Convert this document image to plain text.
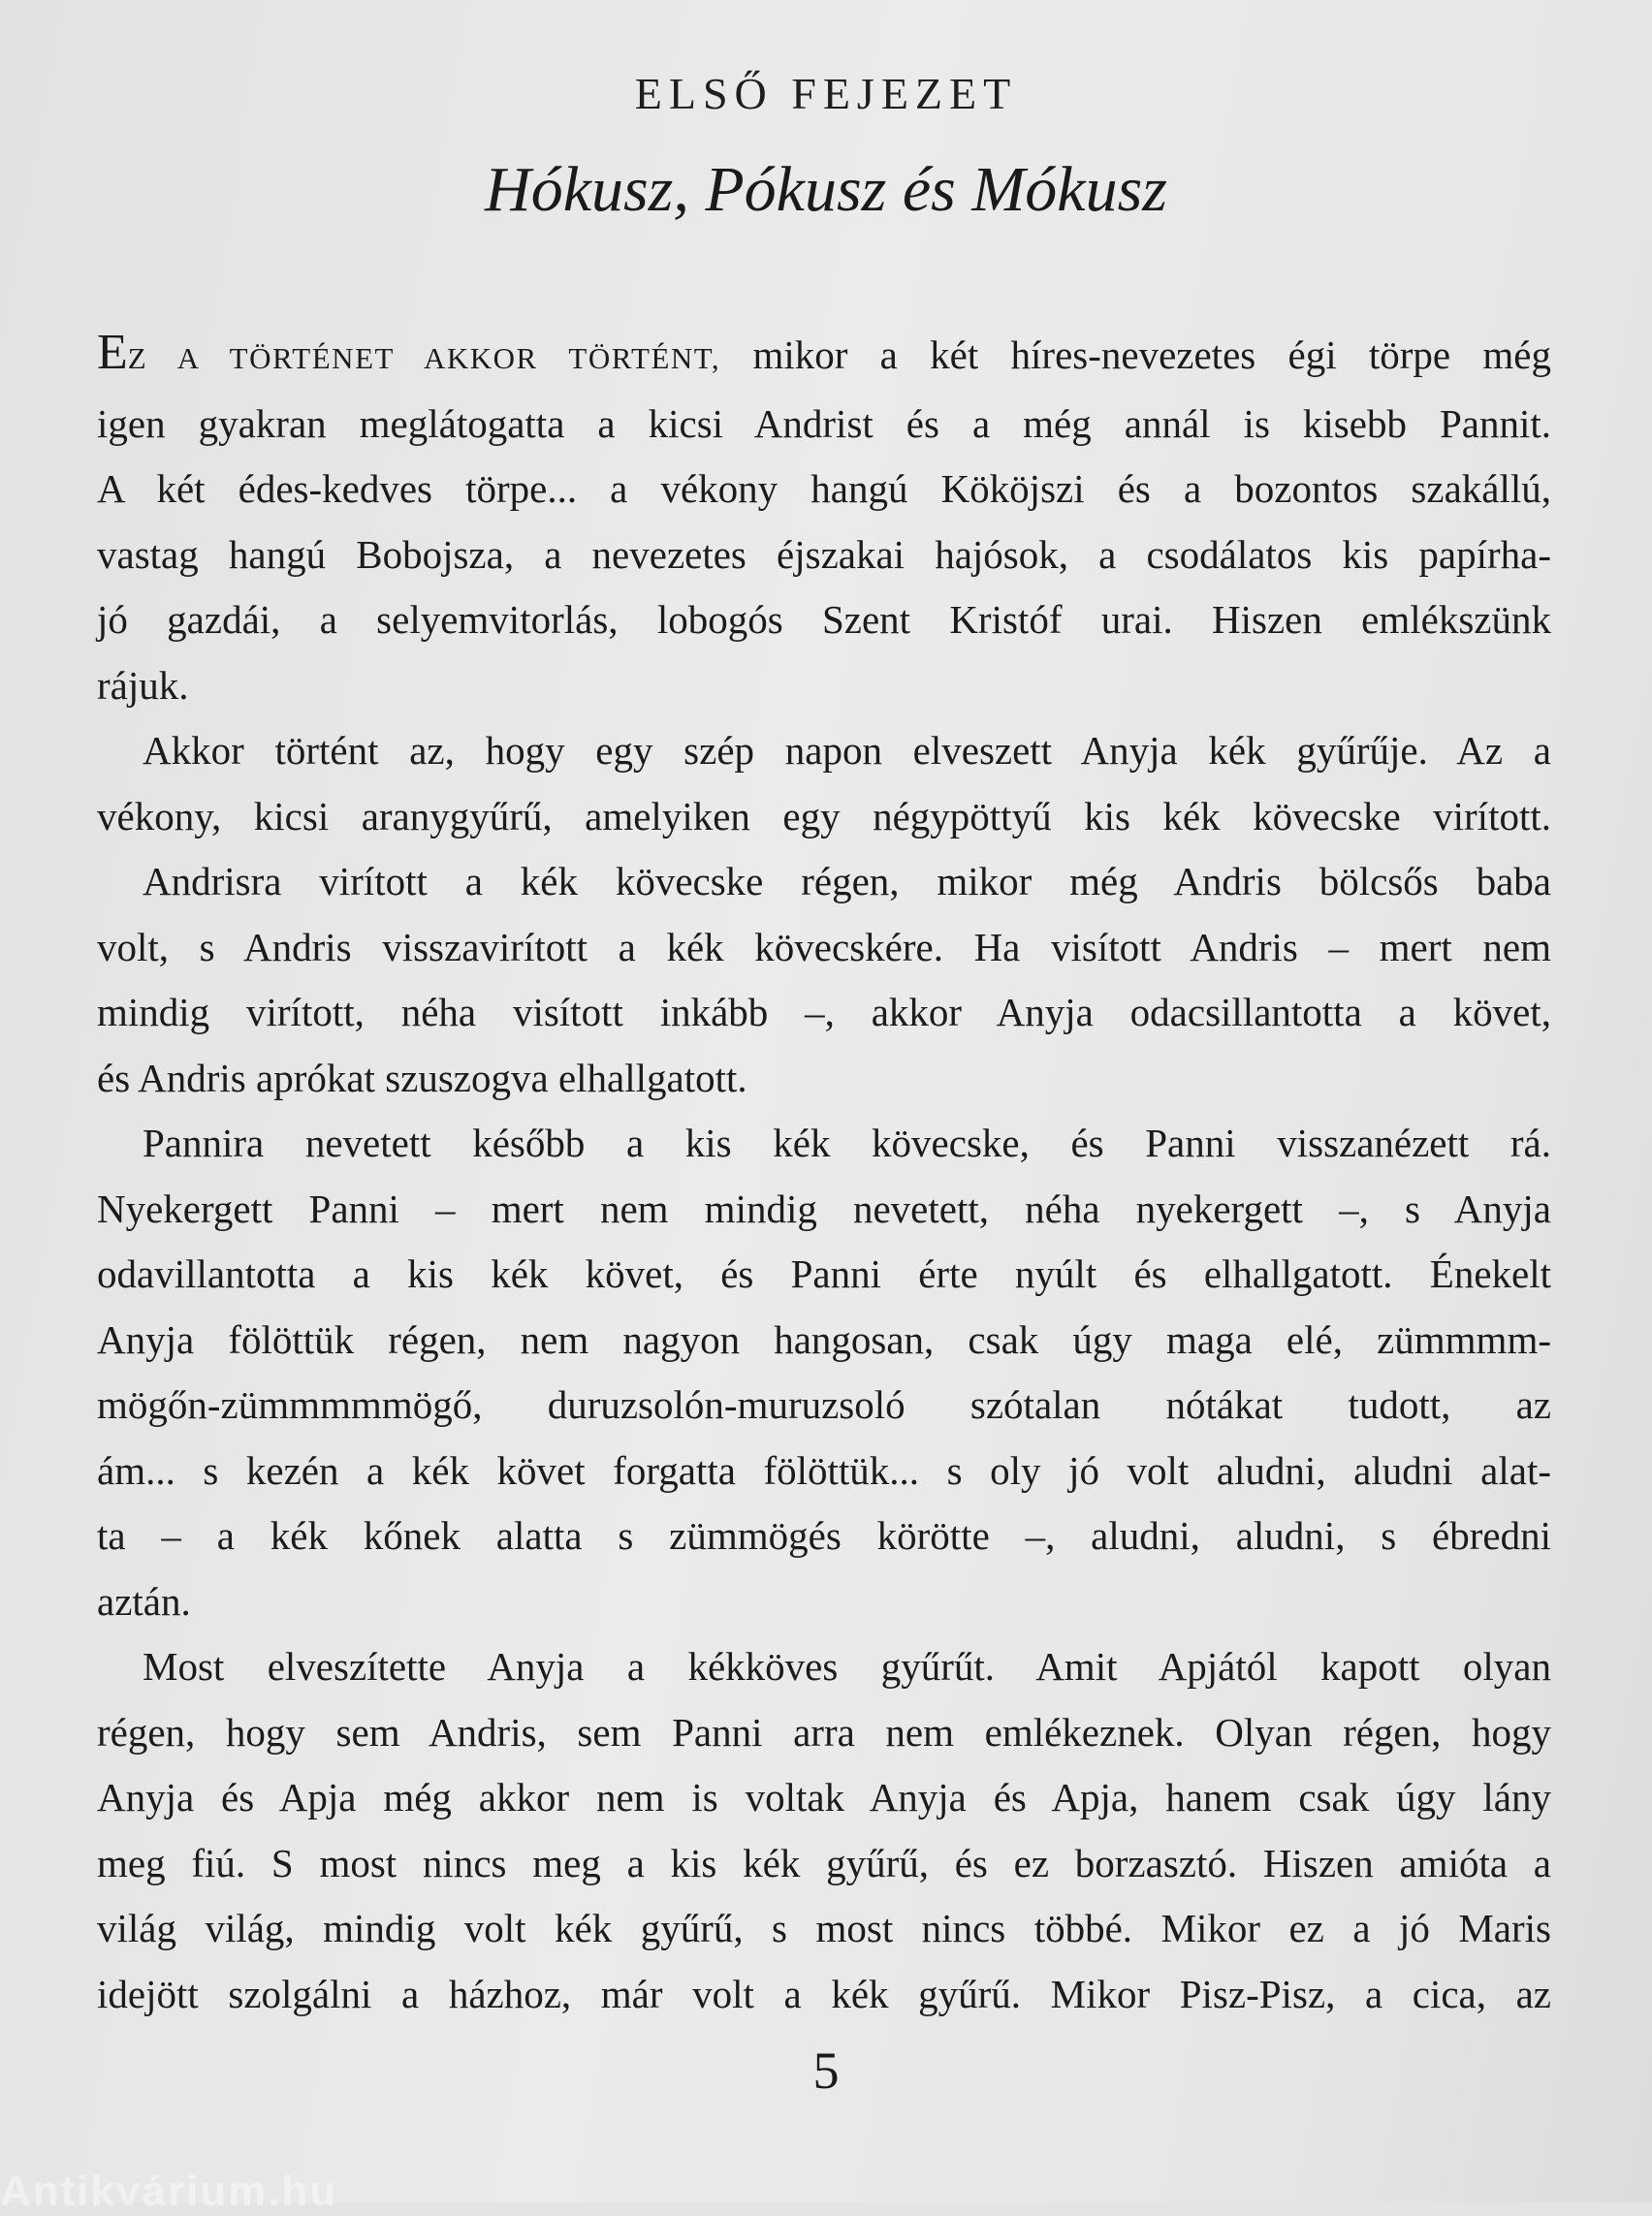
ELSŐ FEJEZET
Hókusz, Pókusz és Mókusz

EZ A TÖRTÉNET AKKOR TÖRTÉNT, mikor a két híres-nevezetes égi törpe még

igen gyakran meglátogatta a kicsi Andrist és a még annál is kisebb Pannit.

A két édes-kedves törpe... a vékony hangú Kököjszi és a bozontos szakállú,

vastag hangú Bobojsza, a nevezetes éjszakai hajósok, a csodálatos kis papírha-

jó gazdái, a selyemvitorlás, lobogós Szent Kristóf urai. Hiszen emlékszünk

rájuk.

Akkor történt az, hogy egy szép napon elveszett Anyja kék gyűrűje. Az a

vékony, kicsi aranygyűrű, amelyiken egy négypöttyű kis kék kövecske virított.

Andrisra virított a kék kövecske régen, mikor még Andris bölcsős baba

volt, s Andris visszavirított a kék kövecskére. Ha visított Andris – mert nem

mindig virított, néha visított inkább –, akkor Anyja odacsillantotta a követ,

és Andris aprókat szuszogva elhallgatott.

Pannira nevetett később a kis kék kövecske, és Panni visszanézett rá.

Nyekergett Panni – mert nem mindig nevetett, néha nyekergett –, s Anyja

odavillantotta a kis kék követ, és Panni érte nyúlt és elhallgatott. Énekelt

Anyja fölöttük régen, nem nagyon hangosan, csak úgy maga elé, zümmmm-

mögőn-zümmmmmögő, duruzsolón-muruzsoló szótalan nótákat tudott, az

ám... s kezén a kék követ forgatta fölöttük... s oly jó volt aludni, aludni alat-

ta – a kék kőnek alatta s zümmögés körötte –, aludni, aludni, s ébredni

aztán.

Most elveszítette Anyja a kékköves gyűrűt. Amit Apjától kapott olyan

régen, hogy sem Andris, sem Panni arra nem emlékeznek. Olyan régen, hogy

Anyja és Apja még akkor nem is voltak Anyja és Apja, hanem csak úgy lány

meg fiú. S most nincs meg a kis kék gyűrű, és ez borzasztó. Hiszen amióta a

világ világ, mindig volt kék gyűrű, s most nincs többé. Mikor ez a jó Maris

idejött szolgálni a házhoz, már volt a kék gyűrű. Mikor Pisz-Pisz, a cica, az

5
Antikvárium.hu
